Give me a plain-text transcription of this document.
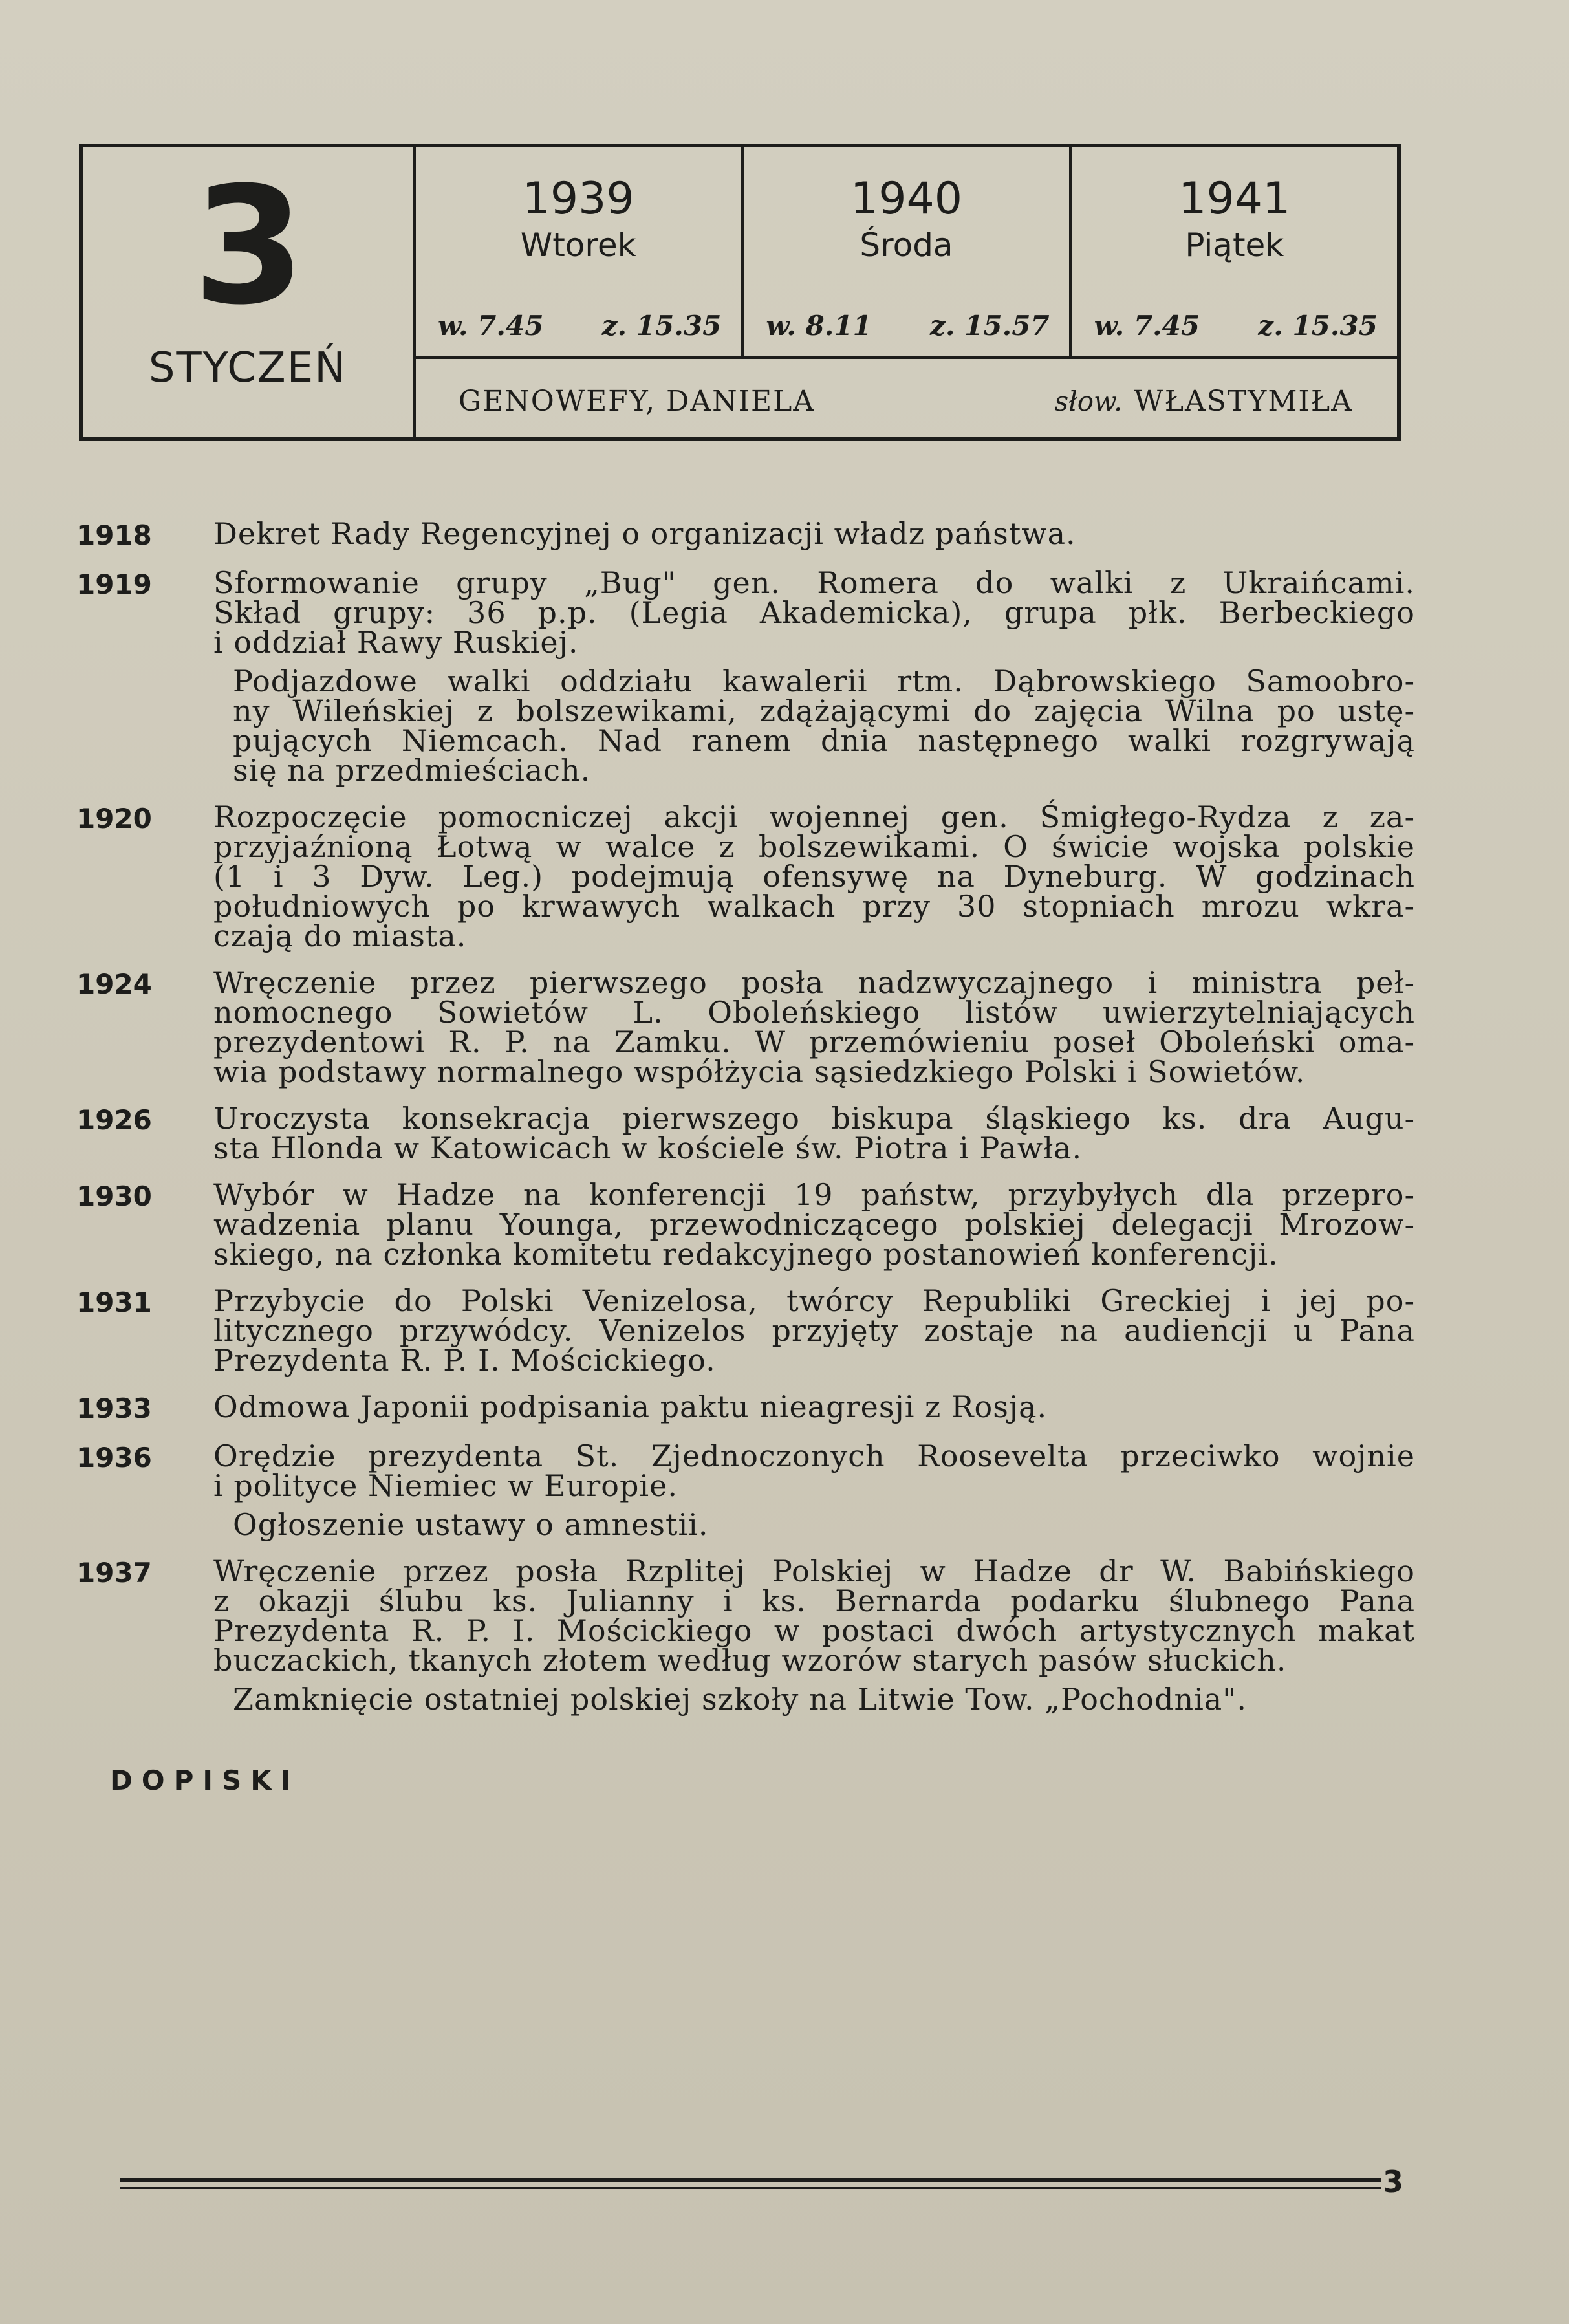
3
STYCZEŃ
1939
Wtorek
w. 7.45 z. 15.35
1940
Środa
w. 8.11 z. 15.57
1941
Piątek
w. 7.45 z. 15.35
GENOWEFY, DANIELA	słow. WŁASTYMIŁA
1918	Dekret Rady Regencyjnej o organizacji władz państwa.
1919	Sformowanie grupy „Bug" gen. Romera do walki z Ukraińcami.
Skład grupy: 36 p.p. (Legia Akademicka), grupa płk. Berbeckiego
i oddział Rawy Ruskiej.
Podjazdowe walki oddziału kawalerii rtm. Dąbrowskiego Samoobro-
ny Wileńskiej z bolszewikami, zdążającymi do zajęcia Wilna po ustę-
pujących Niemcach. Nad ranem dnia następnego walki rozgrywają
się na przedmieściach.
1920	Rozpoczęcie pomocniczej akcji wojennej gen. Śmigłego-Rydza z za-
przyjaźnioną Łotwą w walce z bolszewikami. O świcie wojska polskie
(1 i 3 Dyw. Leg.) podejmują ofensywę na Dyneburg. W godzinach
południowych po krwawych walkach przy 30 stopniach mrozu wkra-
czają do miasta.
1924	Wręczenie przez pierwszego posła nadzwyczajnego i ministra peł-
nomocnego Sowietów L. Oboleńskiego listów uwierzytelniających
prezydentowi R. P. na Zamku. W przemówieniu poseł Oboleński oma-
wia podstawy normalnego współżycia sąsiedzkiego Polski i Sowietów.
1926	Uroczysta konsekracja pierwszego biskupa śląskiego ks. dra Augu-
sta Hlonda w Katowicach w kościele św. Piotra i Pawła.
1930	Wybór w Hadze na konferencji 19 państw, przybyłych dla przepro-
wadzenia planu Younga, przewodniczącego polskiej delegacji Mrozow-
skiego, na członka komitetu redakcyjnego postanowień konferencji.
1931	Przybycie do Polski Venizelosa, twórcy Republiki Greckiej i jej po-
litycznego przywódcy. Venizelos przyjęty zostaje na audiencji u Pana
Prezydenta R. P. I. Mościckiego.
1933	Odmowa Japonii podpisania paktu nieagresji z Rosją.
1936	Orędzie prezydenta St. Zjednoczonych Roosevelta przeciwko wojnie
i polityce Niemiec w Europie.
Ogłoszenie ustawy o amnestii.
1937	Wręczenie przez posła Rzplitej Polskiej w Hadze dr W. Babińskiego
z okazji ślubu ks. Julianny i ks. Bernarda podarku ślubnego Pana
Prezydenta R. P. I. Mościckiego w postaci dwóch artystycznych makat
buczackich, tkanych złotem według wzorów starych pasów słuckich.
Zamknięcie ostatniej polskiej szkoły na Litwie Tow. „Pochodnia".
DOPISKI
3
